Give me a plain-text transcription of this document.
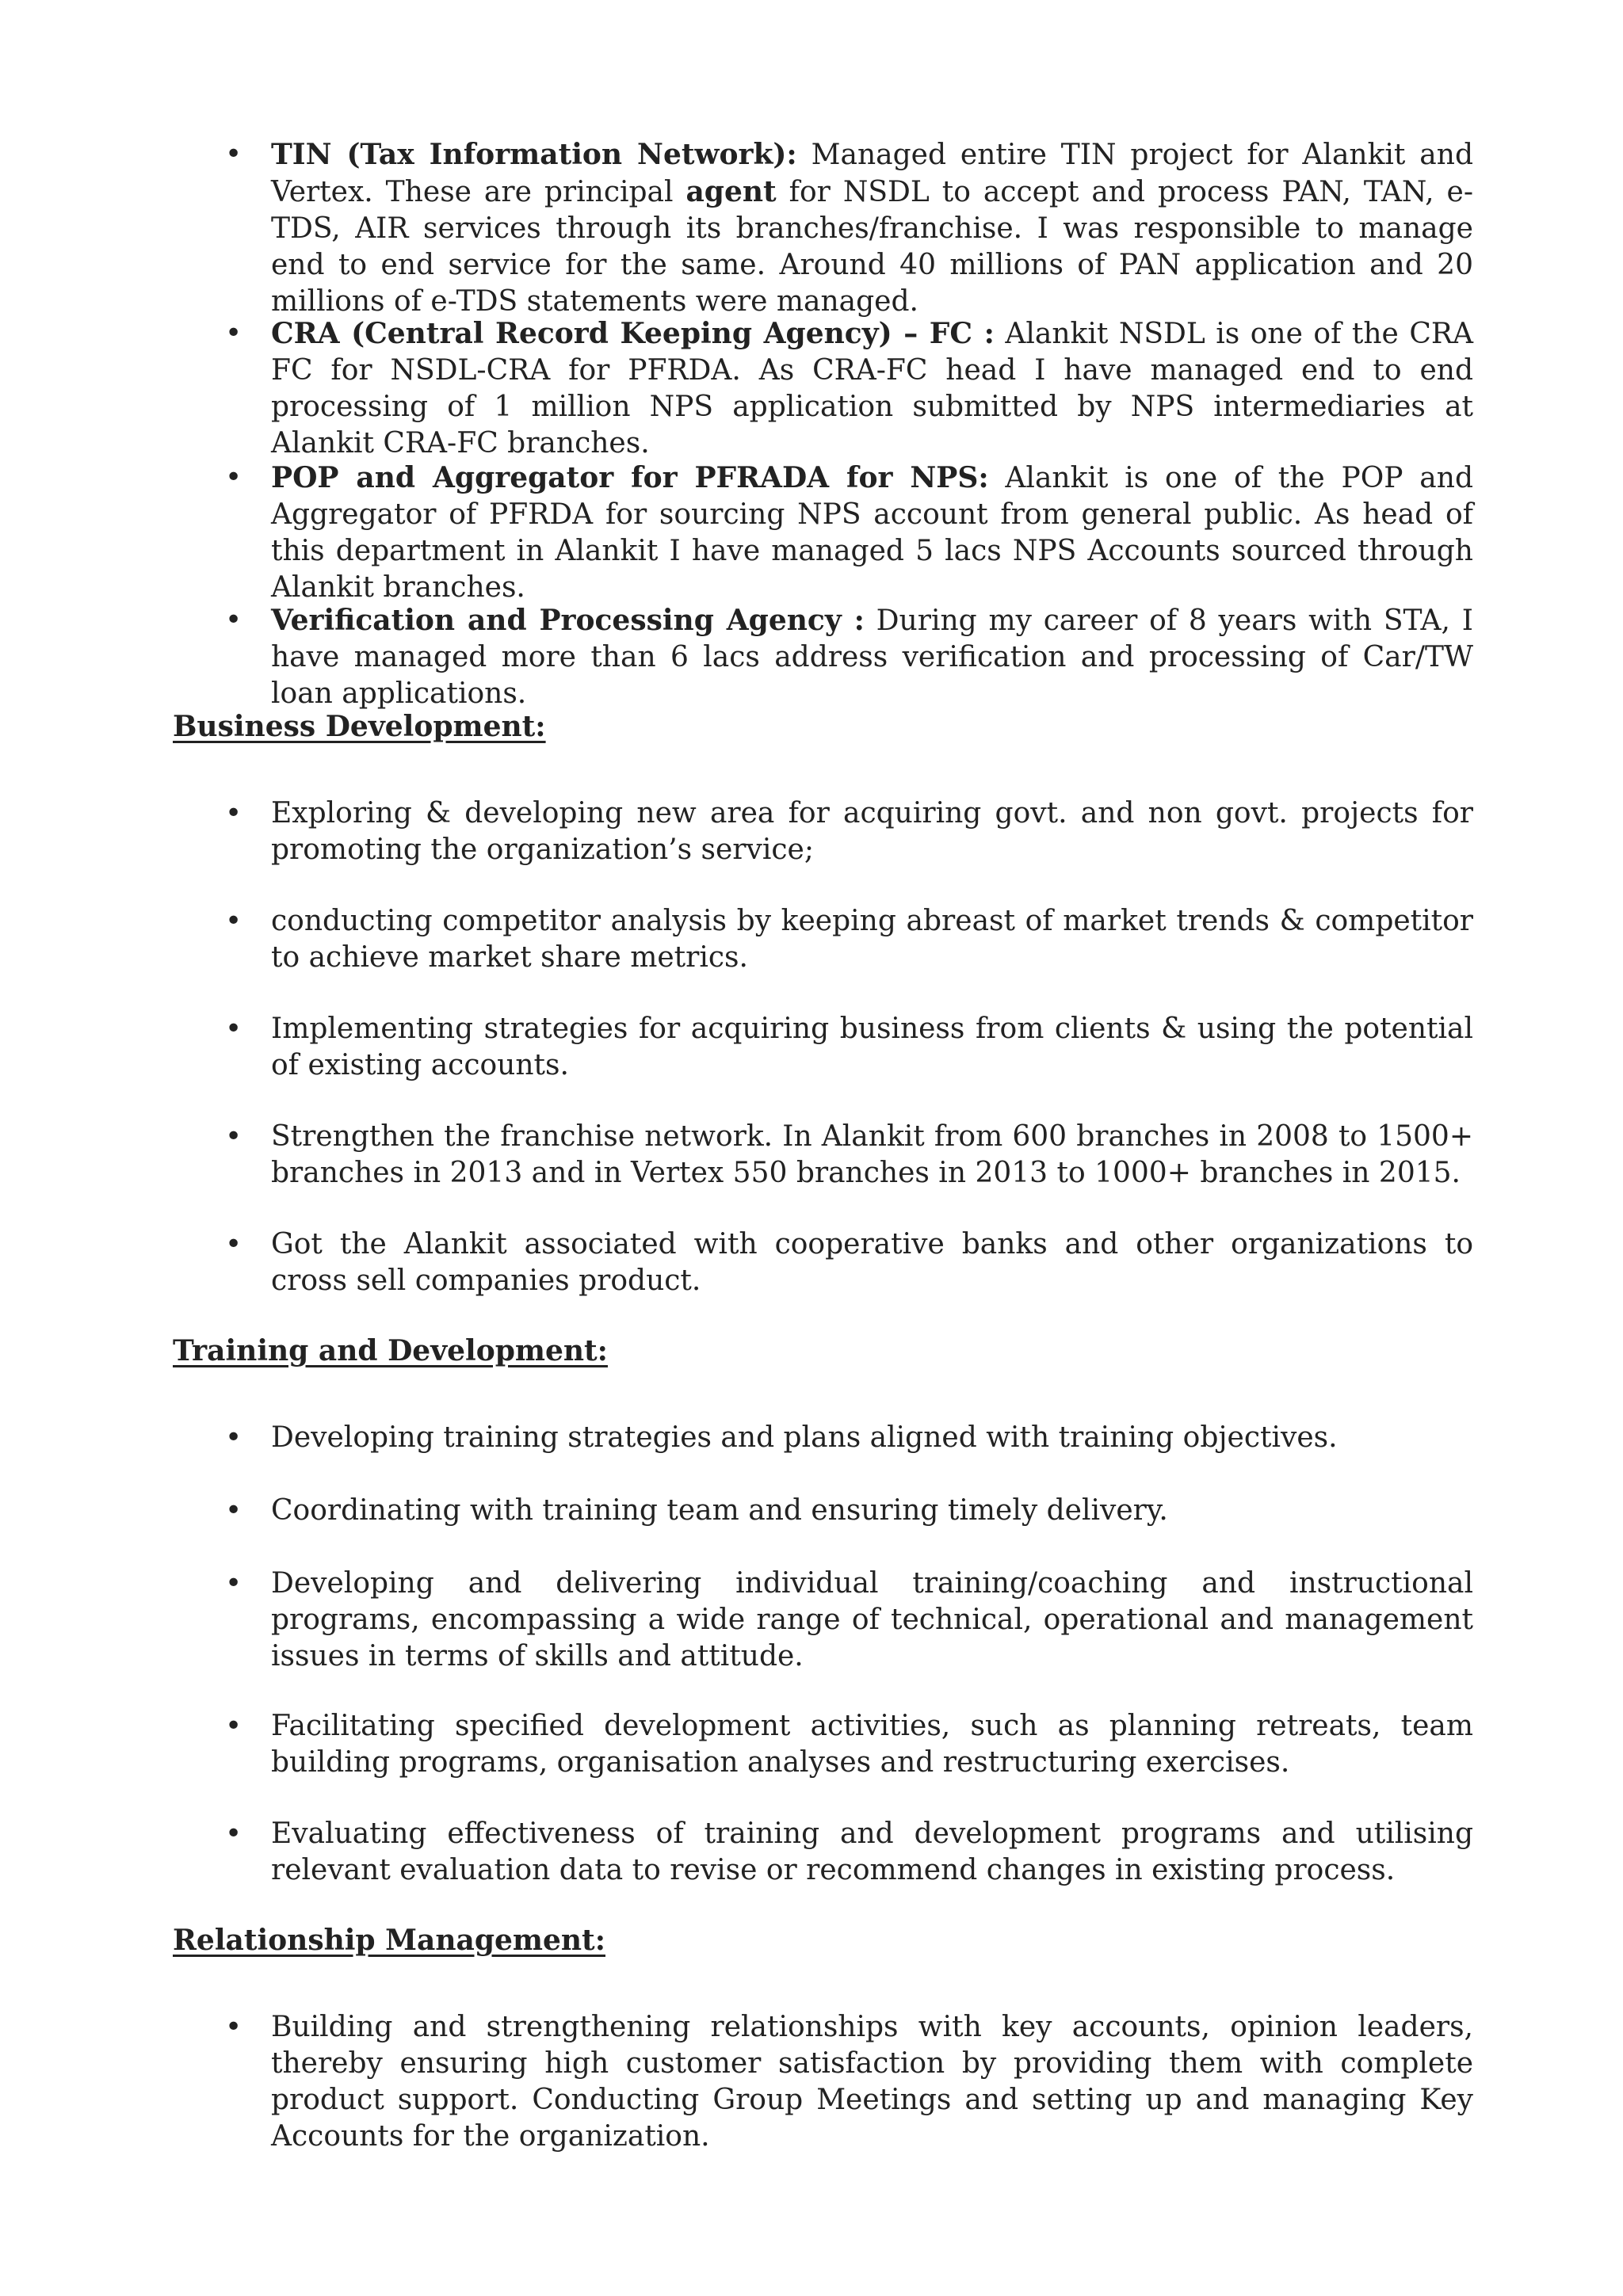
• TIN (Tax Information Network): Managed entire TIN project for Alankit and Vertex. These are principal agent for NSDL to accept and process PAN, TAN, e-TDS, AIR services through its branches/franchise. I was responsible to manage end to end service for the same. Around 40 millions of PAN application and 20 millions of e-TDS statements were managed.
• CRA (Central Record Keeping Agency) – FC : Alankit NSDL is one of the CRA FC for NSDL-CRA for PFRDA. As CRA-FC head I have managed end to end processing of 1 million NPS application submitted by NPS intermediaries at Alankit CRA-FC branches.
• POP and Aggregator for PFRADA for NPS: Alankit is one of the POP and Aggregator of PFRDA for sourcing NPS account from general public. As head of this department in Alankit I have managed 5 lacs NPS Accounts sourced through Alankit branches.
• Verification and Processing Agency : During my career of 8 years with STA, I have managed more than 6 lacs address verification and processing of Car/TW loan applications.
Business Development:
• Exploring & developing new area for acquiring govt. and non govt. projects for promoting the organization’s service;
• conducting competitor analysis by keeping abreast of market trends & competitor to achieve market share metrics.
• Implementing strategies for acquiring business from clients & using the potential of existing accounts.
• Strengthen the franchise network. In Alankit from 600 branches in 2008 to 1500+ branches in 2013 and in Vertex 550 branches in 2013 to 1000+ branches in 2015.
• Got the Alankit associated with cooperative banks and other organizations to cross sell companies product.
Training and Development:
• Developing training strategies and plans aligned with training objectives.
• Coordinating with training team and ensuring timely delivery.
• Developing and delivering individual training/coaching and instructional programs, encompassing a wide range of technical, operational and management issues in terms of skills and attitude.
• Facilitating specified development activities, such as planning retreats, team building programs, organisation analyses and restructuring exercises.
• Evaluating effectiveness of training and development programs and utilising relevant evaluation data to revise or recommend changes in existing process.
Relationship Management:
• Building and strengthening relationships with key accounts, opinion leaders, thereby ensuring high customer satisfaction by providing them with complete product support. Conducting Group Meetings and setting up and managing Key Accounts for the organization.
